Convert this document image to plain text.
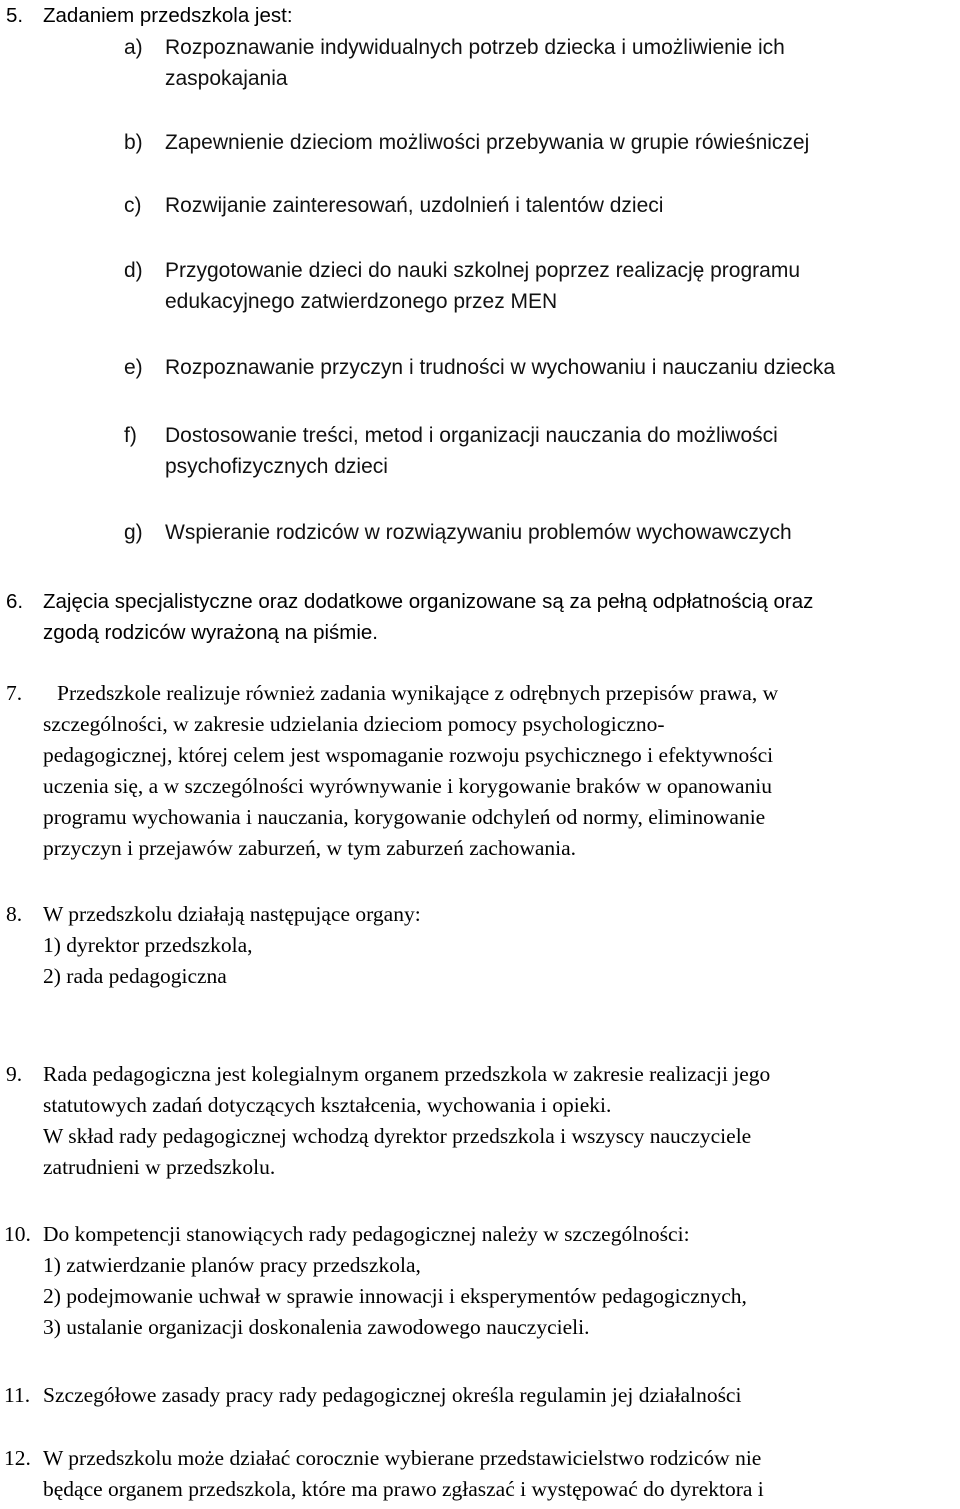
5. Zadaniem przedszkola jest:
a) Rozpoznawanie indywidualnych potrzeb dziecka i umożliwienie ich
zaspokajania
b) Zapewnienie dzieciom możliwości przebywania w grupie rówieśniczej
c) Rozwijanie zainteresowań, uzdolnień i talentów dzieci
d) Przygotowanie dzieci do nauki szkolnej poprzez realizację programu
edukacyjnego zatwierdzonego przez MEN
e) Rozpoznawanie przyczyn i trudności w wychowaniu i nauczaniu dziecka
f) Dostosowanie treści, metod i organizacji nauczania do możliwości
psychofizycznych dzieci
g) Wspieranie rodziców w rozwiązywaniu problemów wychowawczych
6. Zajęcia specjalistyczne oraz dodatkowe organizowane są za pełną odpłatnością oraz
zgodą rodziców wyrażoną na piśmie.
7.	Przedszkole realizuje również zadania wynikające z odrębnych przepisów prawa, w
szczególności, w zakresie udzielania dzieciom pomocy psychologiczno-
pedagogicznej, której celem jest wspomaganie rozwoju psychicznego i efektywności
uczenia się, a w szczególności wyrównywanie i korygowanie braków w opanowaniu
programu wychowania i nauczania, korygowanie odchyleń od normy, eliminowanie
przyczyn i przejawów zaburzeń, w tym zaburzeń zachowania.
8. W przedszkolu działają następujące organy:
1) dyrektor przedszkola,
2) rada pedagogiczna
9. Rada pedagogiczna jest kolegialnym organem przedszkola w zakresie realizacji jego
statutowych zadań dotyczących kształcenia, wychowania i opieki.
W skład rady pedagogicznej wchodzą dyrektor przedszkola i wszyscy nauczyciele
zatrudnieni w przedszkolu.
10. Do kompetencji stanowiących rady pedagogicznej należy w szczególności:
1) zatwierdzanie planów pracy przedszkola,
2) podejmowanie uchwał w sprawie innowacji i eksperymentów pedagogicznych,
3) ustalanie organizacji doskonalenia zawodowego nauczycieli.
11. Szczegółowe zasady pracy rady pedagogicznej określa regulamin jej działalności
12. W przedszkolu może działać corocznie wybierane przedstawicielstwo rodziców nie
będące organem przedszkola, które ma prawo zgłaszać i występować do dyrektora i
